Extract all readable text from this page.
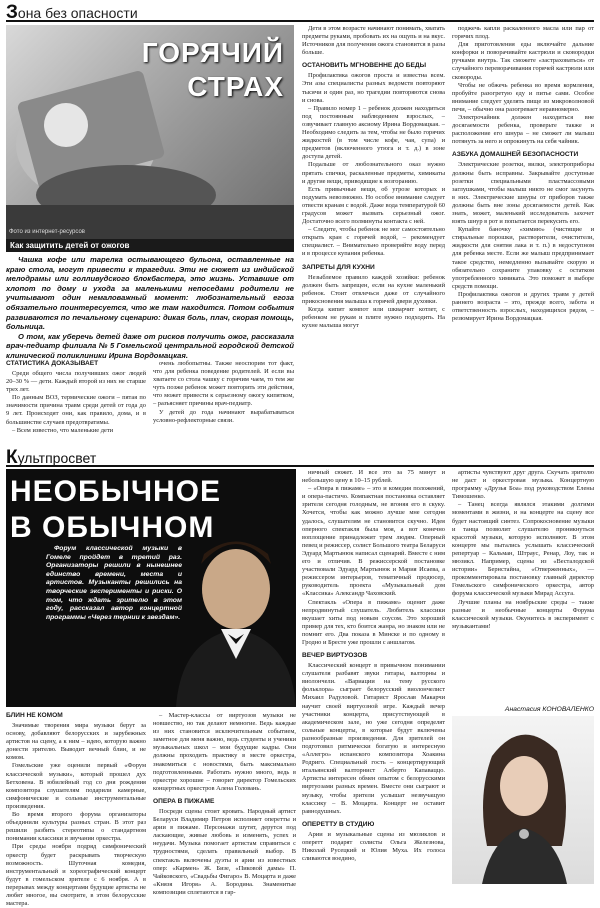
Зона без опасности
ГОРЯЧИЙ
СТРАХ
Фото из интернет-ресурсов
Как защитить детей от ожогов

Чашка кофе или тарелка остывающего бульона, оставленные на краю стола, могут привести к трагедии. Эти не сюжет из индийской мелодрамы или голливудского блокбастера, это жизнь. Уставшие от хлопот по дому и ухода за маленькими непоседами родители не учитывают один немаловажный момент: любознательный егоза обязательно поинтересуется, что же там находится. Потом события развиваются по печальному сценарию: дикая боль, плач, скорая помощь, больница.

О том, как уберечь детей даже от рисков получить ожог, рассказала врач-педиатр филиала № 5 Гомельской центральной городской детской клинической поликлиники Ирина Вордомацкая.

СТАТИСТИКА ДОКАЗЫВАЕТ

Среди общего числа получивших ожог людей 20–30 % — дети. Каждый второй из них не старше трех лет.

По данным ВОЗ, термические ожоги – пятая по значимости причина травм среди детей от года до 9 лет. Происходят они, как правило, дома, и в большинстве случаев предотвратимы.

– Всем известно, что маленькие дети

очень любопытны. Также неоспорим тот факт, что для ребенка поведение родителей. И если вы хватаете со стола чашку с горячим чаем, то тем же чуть позже ребенок может повторить эти действия, что может привести к серьезному ожогу кипятком, – разъясняет причины врач-педиатр.

У детей до года начинают вырабатываться условно-рефлекторные связи.

Дети в этом возрасте начинают понимать, хватать предметы руками, пробовать их на ощупь и на вкус. Источников для получения ожога становится в разы больше.

ОСТАНОВИТЬ МГНОВЕННЕ ДО БЕДЫ

Профилактика ожогов проста и известна всем. Эти азы специалисты разных ведомств повторяют тысячи и один раз, но трагедии повторяются снова и снова.

– Правило номер 1 – ребенок должен находиться под постоянным наблюдением взрослых, – озвучивает главную аксиому Ирина Вордомацкая. – Необходимо следить за тем, чтобы не было горячих жидкостей (в том числе кофе, чая, супа) и предметов (включенного утюга и т. д.) в зоне доступа детей.

Подальше от любознательного оказ нужно прятать спички, раскаленные предметы, химикаты и другие вещи, приводящие к возгоранию.

Есть привычные вещи, об угрозе которых и подумать невозможно. Но особое внимание следует отвести кранам с водой. Даже вода температурой 60 градусов может вызвать серьезный ожог. Достаточно всего полминуты контакта с ней.

– Следите, чтобы ребенок не мог самостоятельно открыть кран с горячей водой, – рекомендует специалист. – Внимательно проверяйте воду перед и в процессе купания ребенка.

ЗАПРЕТЫ ДЛЯ КУХНИ

Незыблемое правило каждой хозяйки: ребенок должен быть запрещен, если на кухне маленький ребенок. Стоит отвлечься даже от случайного прикосновения малыша к горячей двери духовки.

Когда кипит компот или шкварчит котлет, с ребенком не рукам и плите нужно подходить. На кухне малыша могут

поджечь капли раскаленного масла или пар от горячих плод.

Для приготовления еды включайте дальние конфорки и поворачивайте кастрюли и сковородки ручками внутрь. Так сможете «застраховаться» от случайного переворачивания горячей кастрюли или сковороды.

Чтобы не обжечь ребенка во время кормления, пробуйте разогретую еду и питье сами. Особое внимание следует уделять пище из микроволновой печи, – обычно она разогревает неравномерно.

Электрочайник должен находиться вне досягаемости ребенка, проверьте также и расположение его шнура – не сможет ли малыш потянуть за него и опрокинуть на себя чайник.

АЗБУКА ДОМАШНЕЙ БЕЗОПАСНОСТИ

Электрические розетки, вилки, электроприборы должны быть исправны. Закрывайте доступные розетки специальными пластмассовыми заглушками, чтобы малыш никто не смог засунуть в них. Электрические шнуры от приборов также должны быть вне зоны досягаемости детей. Как знать, может, маленький исследователь захочет взять шнур в рот и попытается перекусить его.

Купайте баночку «химию» (чистящие и стиральные порошки, растворители, очистители, жидкости для снятия лака и т. п.) в недоступном для ребенка месте. Если же малыш предпринимает такое средство, немедленно вызывайте скорую и обязательно сохраните упаковку с остатком употребленного химиката. Это поможет в выборе средств помощи.

Профилактика ожогов и других травм у детей раннего возраста – это, прежде всего, забота и ответственность взрослых, находящихся рядом, – резюмирует Ирина Вордомацкая.

Культпросвет
НЕОБЫЧНОЕ
В ОБЫЧНОМ
Форум классической музыки в Гомеле пройдет в третий раз. Организаторы решили в нынешнее единство времени, места и артистов. Музыканты решились на творческие эксперименты и риски. О том, что ждать зрителю в этом году, рассказал автор концертной программы «Через тернии к звездам».
БЛИН НЕ КОМОМ

Значимые творения мира музыки берут за основу, добавляют белорусских и зарубежных артистов на сцену, а к ним – идею, которую важно донести зрителю. Выводит вечный блин, и не комом.

Гомельские уже оценили первый «Форум классической музыки», который прошел дух Бетховена. В юбилейный год со дня рождения композитора слушателям подарили камерные, симфонические и сольные инструментальные произведения.

Во время второго форума организаторы объединили культуры разных стран. В этот раз решили разбить стереотипы о стандартном понимании классики и звучании оркестра.

При среды ноября подряд симфонический оркестр будет раскрывать творческую возможность. Шуточная комедия, инструментальный и хореографический концерт будут в гомельском зрителе с 6 ноября. А в перерывах между концертами будущие артисты не любят многое, вы смотрите, в этом белорусские мастера.

– Мастер-классы от виртуозов музыки не новшество, но так делают немногие. Ведь каждые из них становится исключительным событием, заметное для меня важно, ведь студенты и ученики музыкальных школ – мои будущие кадры. Они должны проходить практику в месте оркестра, знакомиться с новостями, быть максимально подготовленными. Работать нужно много, ведь в оркестре хорошие – говорит директор Гомельских концертных оркестров Алена Головань.

ОПЕРА В ПИЖАМЕ

Посреди сцены стоит кровать. Народный артист Беларуси Владимир Петров исполняет оперетты и арии в пижаме. Персонажи шутят, дерутся под ласкающие, живые любовь и изменять, успех и неудачи. Музыка помогает артистам справиться с трудностями, сделать правильный выбор. В спектакль включены дуэты и арии из известных опер: «Кармен» Ж. Бизе, «Пиковой дамы» П. Чайковского, «Свадьбы Фигаро» В. Моцарта и даже «Князя Игоря» А. Бородина. Знаменитые композиции сплетаются в гар-

ничный сюжет. И все это за 75 минут и небольшую цену в 10–15 рублей.

– «Опера в пижаме» – это и комедия положений, и опера-пастичо. Компактная постановка оставляет зрителя сегодня голодным, не вгоняя его в скуку. Хочется, чтобы как можно лучше мне сегодня удалось, слушателям не становится скучно. Идея оперного спектакля была моя, а вот конечно воплощение принадлежит трем людям. Оперный певец и режиссер, солист Большого театра Беларуси Эдуард Мартынюк написал сценарий. Вместе с ним его и отличив. В режиссерской постановке участвовали Эдуард Мартынюк и Мария Исаева, а режиссером интерьеров, тематичный продюсер, руководитель проекта «Музыкальный дом «Классика» Александр Чаховский.

Спектакль «Опера в пижаме» оценит даже непродвинутый слушатель. Любитель классики вкушает хиты под новым соусом. Это хороший пример для тех, кто боится жанра, но знаком или не помнит его. Два показа в Минске и по одному в Гродно и Бресте уже прошли с аншлагом.

ВЕЧЕР ВИРТУОЗОВ

Классический концерт в привычном понимании слушателя разбавят звуки гитары, валторны и виолончели. «Вариации на тему русского фольклора» сыграет белорусский виолончелист Михаил Радуловой. Гитарист Ярослав Макарчи научит своей виртуозной игре. Каждый вечер участники концерта, присутствующей в академическом зале, но уже сегодня определят сольные концерты, в которые будут включены разнообразные произведения. Для зрителей он подготовил ритмически богатую и интересную «Аллегро» испанского композитора Хоакина Родриго. Специальный гость – концертирующий итальянский валторнист Алберто Капаваццо. Артисты интересен обмен опытом с белорусскими виртуозами разных времен. Вместе они сыграют и музыку, чтобы зрители услышат незвучащую классику – В. Моцарта. Концерт не оставит равнодушных.

ОПЕРЕТТУ В СТУДИЮ

Арии и музыкальные сцены из мюзиклов и оперетт подарят солисты Ольга Железнова, Николай Русецкий и Юлия Муха. Их голоса сливаются воедино,

артисты чувствуют друг друга. Скучать зрителю не даст и оркестровая музыка. Концертную программу «Друзья Боа» под руководством Елены Тимошенко.

– Танец всегда являлся этакими долгими моментами в жизни, и на концерте на сцену все будет настоящий синтез. Сопрокосновение музыки и танца позволит слушателю проникнуться красотой музыки, которую исполняют. В этом концерте мы пытались услышать классический репертуар – Кальман, Штраус, Ренар, Лоу, так и мюзикл. Например, сцены из «Весталодской истории» Бернстайна, «Отверженных», — прокомментировала постановку главный директор Гомельского симфонического оркестра, автор форума классической музыки Мирад Ассуга.

Лучшие планы на ноябрьские среды – такие разные и необычные концерты Форума классической музыки. Окунитесь в эксперимент с музыкантами!

Анастасия КОНОВАЛЕНКО
